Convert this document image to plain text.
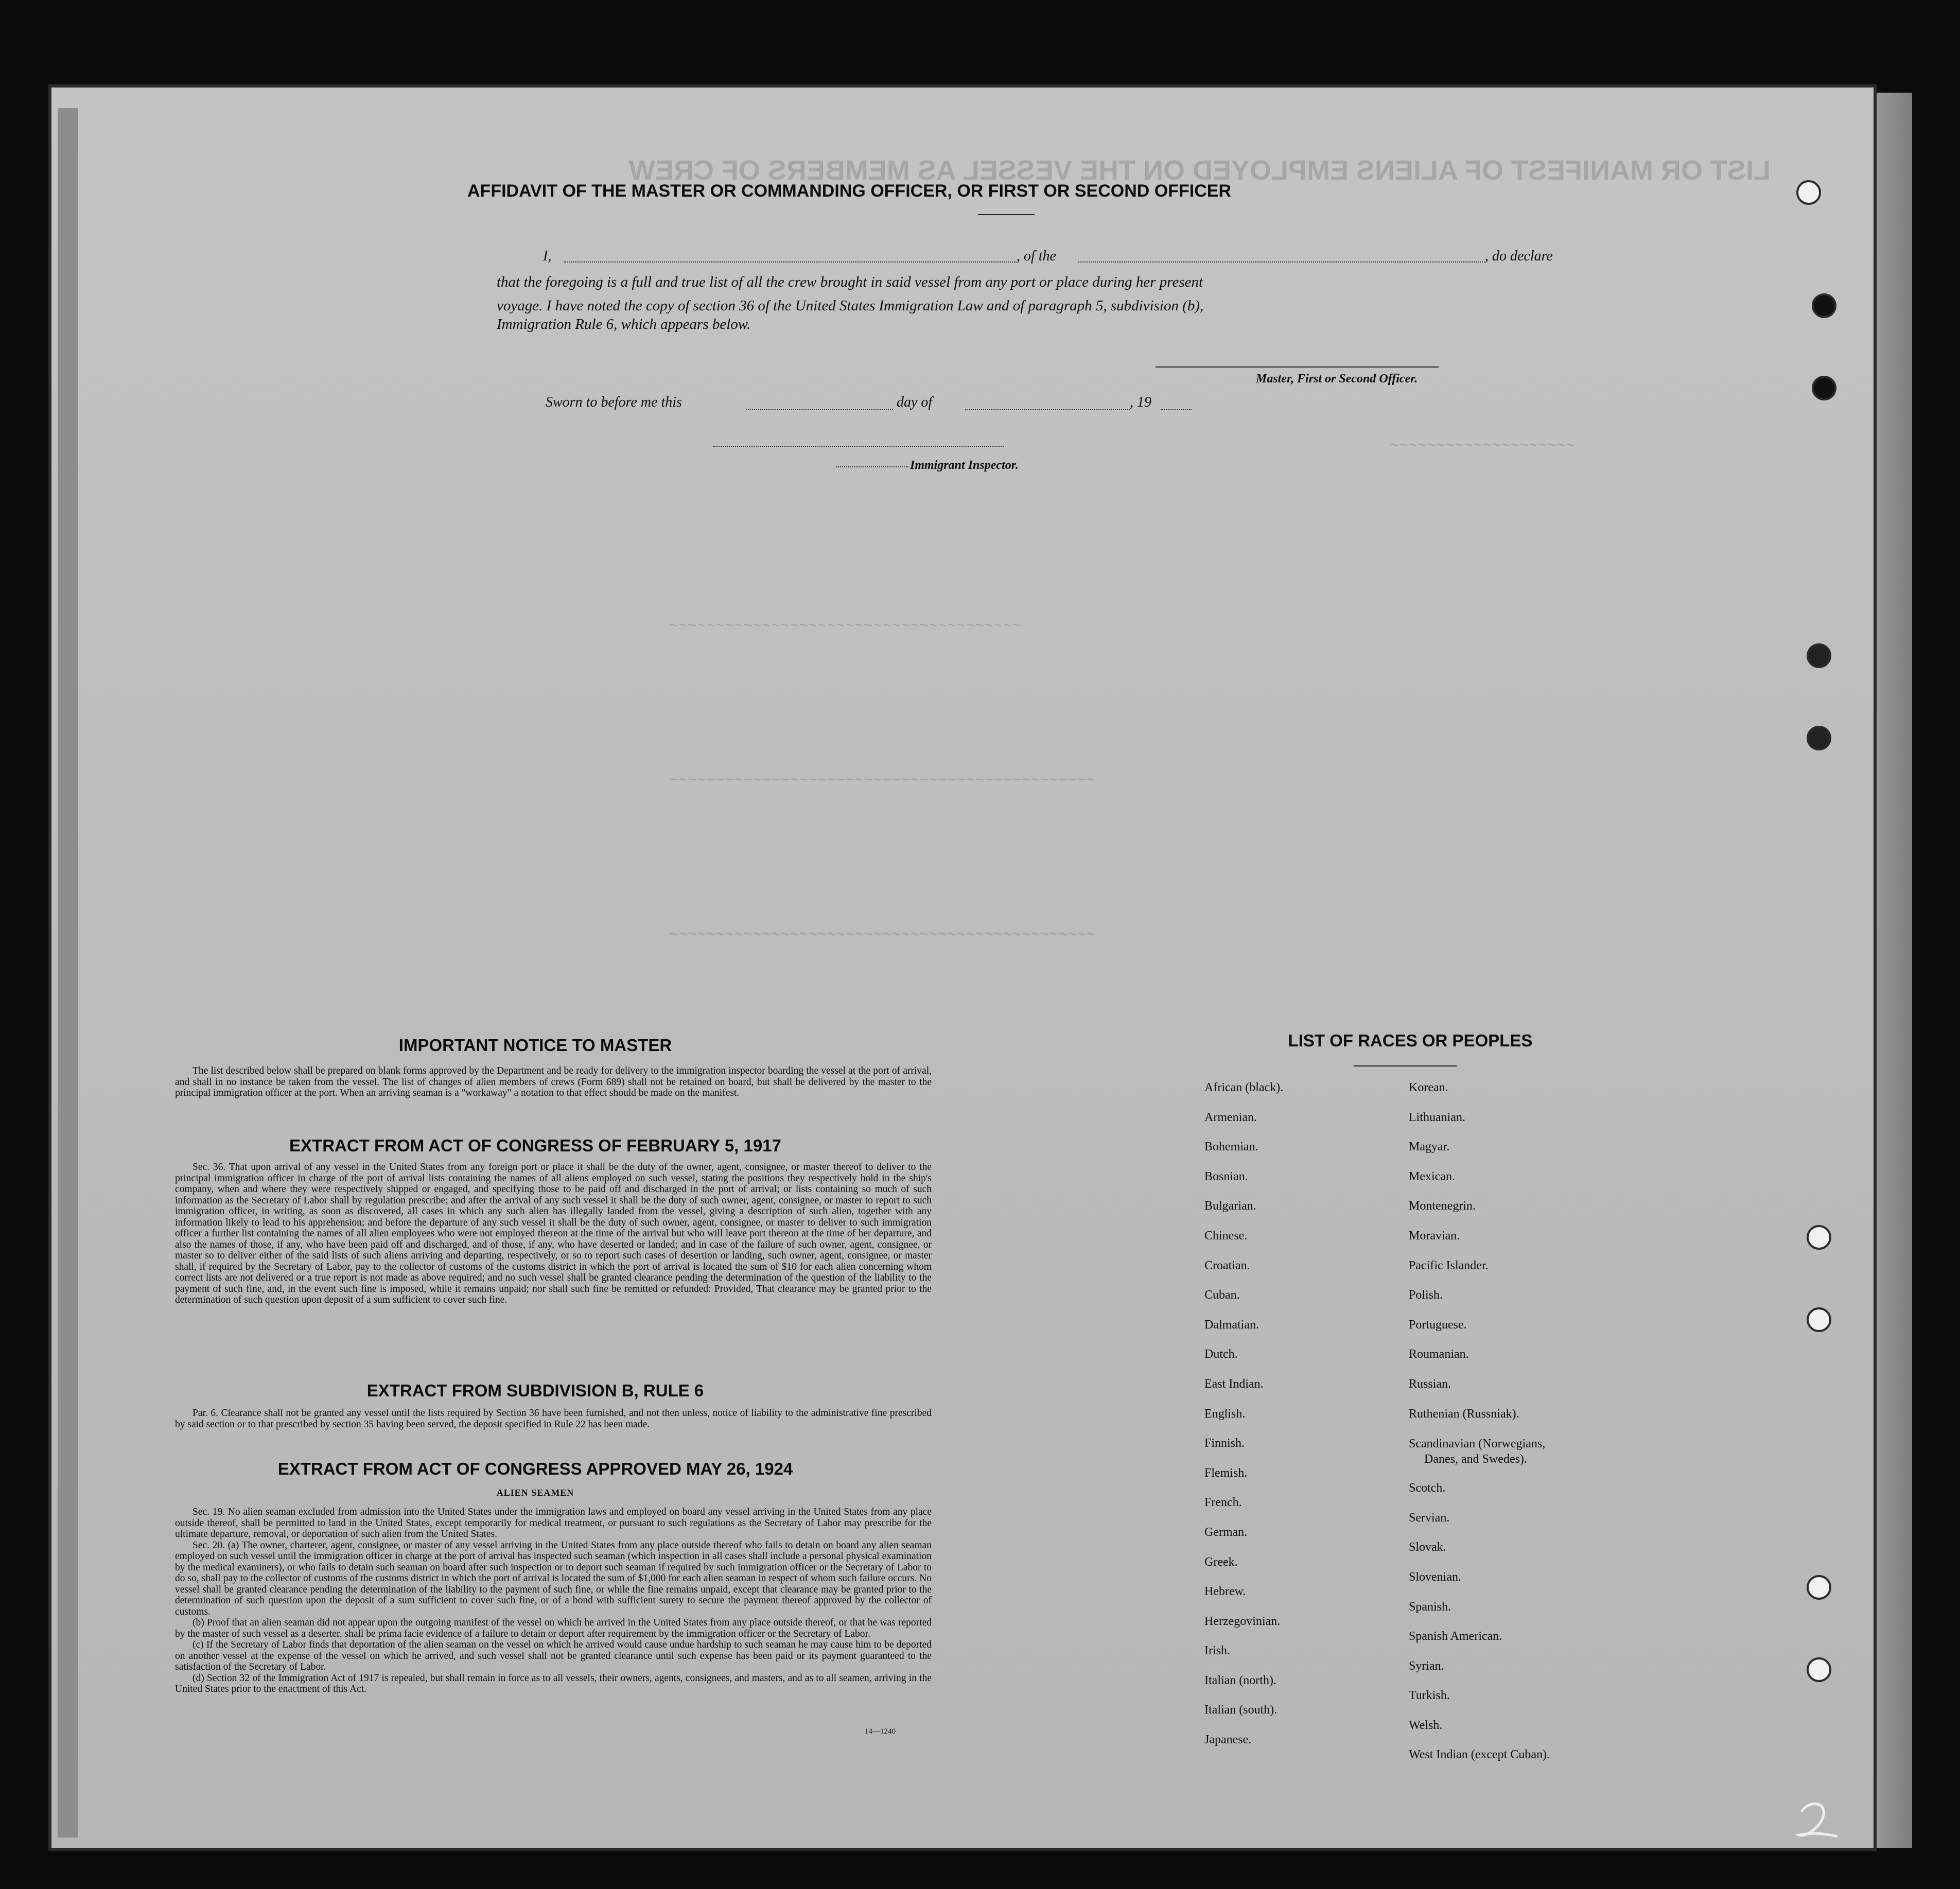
LIST OR MANIFEST OF ALIENS EMPLOYED ON THE VESSEL AS MEMBERS OF CREW
~~~~~~~~~~~~~~~~~~~~
~~~~~~~~~~~~~~~~~~~~~~~~~~~~~~~~~~~~~~
~~~~~~~~~~~~~~~~~~~~~~~~~~~~~~~~~~~~~~~~~~~~~~
~~~~~~~~~~~~~~~~~~~~~~~~~~~~~~~~~~~~~~~~~~~~~~
AFFIDAVIT OF THE MASTER OR COMMANDING OFFICER, OR FIRST OR SECOND OFFICER
I,	, of the	, do declare
that the foregoing is a full and true list of all the crew brought in said vessel from any port or place during her present
voyage. I have noted the copy of section 36 of the United States Immigration Law and of paragraph 5, subdivision (b),
Immigration Rule 6, which appears below.
Master, First or Second Officer.
Sworn to before me this	day of	, 19
Immigrant Inspector.
IMPORTANT NOTICE TO MASTER

The list described below shall be prepared on blank forms approved by the Department and be ready for delivery to the immigration inspector boarding the vessel at the port of arrival, and shall in no instance be taken from the vessel. The list of changes of alien members of crews (Form 689) shall not be retained on board, but shall be delivered by the master to the principal immigration officer at the port. When an arriving seaman is a "workaway" a notation to that effect should be made on the manifest.

EXTRACT FROM ACT OF CONGRESS OF FEBRUARY 5, 1917

Sec. 36. That upon arrival of any vessel in the United States from any foreign port or place it shall be the duty of the owner, agent, consignee, or master thereof to deliver to the principal immigration officer in charge of the port of arrival lists containing the names of all aliens employed on such vessel, stating the positions they respectively hold in the ship's company, when and where they were respectively shipped or engaged, and specifying those to be paid off and discharged in the port of arrival; or lists containing so much of such information as the Secretary of Labor shall by regulation prescribe; and after the arrival of any such vessel it shall be the duty of such owner, agent, consignee, or master to report to such immigration officer, in writing, as soon as discovered, all cases in which any such alien has illegally landed from the vessel, giving a description of such alien, together with any information likely to lead to his apprehension; and before the departure of any such vessel it shall be the duty of such owner, agent, consignee, or master to deliver to such immigration officer a further list containing the names of all alien employees who were not employed thereon at the time of the arrival but who will leave port thereon at the time of her departure, and also the names of those, if any, who have been paid off and discharged, and of those, if any, who have deserted or landed; and in case of the failure of such owner, agent, consignee, or master so to deliver either of the said lists of such aliens arriving and departing, respectively, or so to report such cases of desertion or landing, such owner, agent, consignee, or master shall, if required by the Secretary of Labor, pay to the collector of customs of the customs district in which the port of arrival is located the sum of $10 for each alien concerning whom correct lists are not delivered or a true report is not made as above required; and no such vessel shall be granted clearance pending the determination of the question of the liability to the payment of such fine, and, in the event such fine is imposed, while it remains unpaid; nor shall such fine be remitted or refunded: Provided, That clearance may be granted prior to the determination of such question upon deposit of a sum sufficient to cover such fine.

EXTRACT FROM SUBDIVISION B, RULE 6

Par. 6. Clearance shall not be granted any vessel until the lists required by Section 36 have been furnished, and not then unless, notice of liability to the administrative fine prescribed by said section or to that prescribed by section 35 having been served, the deposit specified in Rule 22 has been made.

EXTRACT FROM ACT OF CONGRESS APPROVED MAY 26, 1924
ALIEN SEAMEN

Sec. 19. No alien seaman excluded from admission into the United States under the immigration laws and employed on board any vessel arriving in the United States from any place outside thereof, shall be permitted to land in the United States, except temporarily for medical treatment, or pursuant to such regulations as the Secretary of Labor may prescribe for the ultimate departure, removal, or deportation of such alien from the United States.

Sec. 20. (a) The owner, charterer, agent, consignee, or master of any vessel arriving in the United States from any place outside thereof who fails to detain on board any alien seaman employed on such vessel until the immigration officer in charge at the port of arrival has inspected such seaman (which inspection in all cases shall include a personal physical examination by the medical examiners), or who fails to detain such seaman on board after such inspection or to deport such seaman if required by such immigration officer or the Secretary of Labor to do so, shall pay to the collector of customs of the customs district in which the port of arrival is located the sum of $1,000 for each alien seaman in respect of whom such failure occurs. No vessel shall be granted clearance pending the determination of the liability to the payment of such fine, or while the fine remains unpaid, except that clearance may be granted prior to the determination of such question upon the deposit of a sum sufficient to cover such fine, or of a bond with sufficient surety to secure the payment thereof approved by the collector of customs.

(b) Proof that an alien seaman did not appear upon the outgoing manifest of the vessel on which he arrived in the United States from any place outside thereof, or that he was reported by the master of such vessel as a deserter, shall be prima facie evidence of a failure to detain or deport after requirement by the immigration officer or the Secretary of Labor.

(c) If the Secretary of Labor finds that deportation of the alien seaman on the vessel on which he arrived would cause undue hardship to such seaman he may cause him to be deported on another vessel at the expense of the vessel on which he arrived, and such vessel shall not be granted clearance until such expense has been paid or its payment guaranteed to the satisfaction of the Secretary of Labor.

(d) Section 32 of the Immigration Act of 1917 is repealed, but shall remain in force as to all vessels, their owners, agents, consignees, and masters, and as to all seamen, arriving in the United States prior to the enactment of this Act.

14—1240
LIST OF RACES OR PEOPLES
African (black).
Armenian.
Bohemian.
Bosnian.
Bulgarian.
Chinese.
Croatian.
Cuban.
Dalmatian.
Dutch.
East Indian.
English.
Finnish.
Flemish.
French.
German.
Greek.
Hebrew.
Herzegovinian.
Irish.
Italian (north).
Italian (south).
Japanese.
Korean.
Lithuanian.
Magyar.
Mexican.
Montenegrin.
Moravian.
Pacific Islander.
Polish.
Portuguese.
Roumanian.
Russian.
Ruthenian (Russniak).
Scandinavian (Norwegians,
Danes, and Swedes).
Scotch.
Servian.
Slovak.
Slovenian.
Spanish.
Spanish American.
Syrian.
Turkish.
Welsh.
West Indian (except Cuban).
